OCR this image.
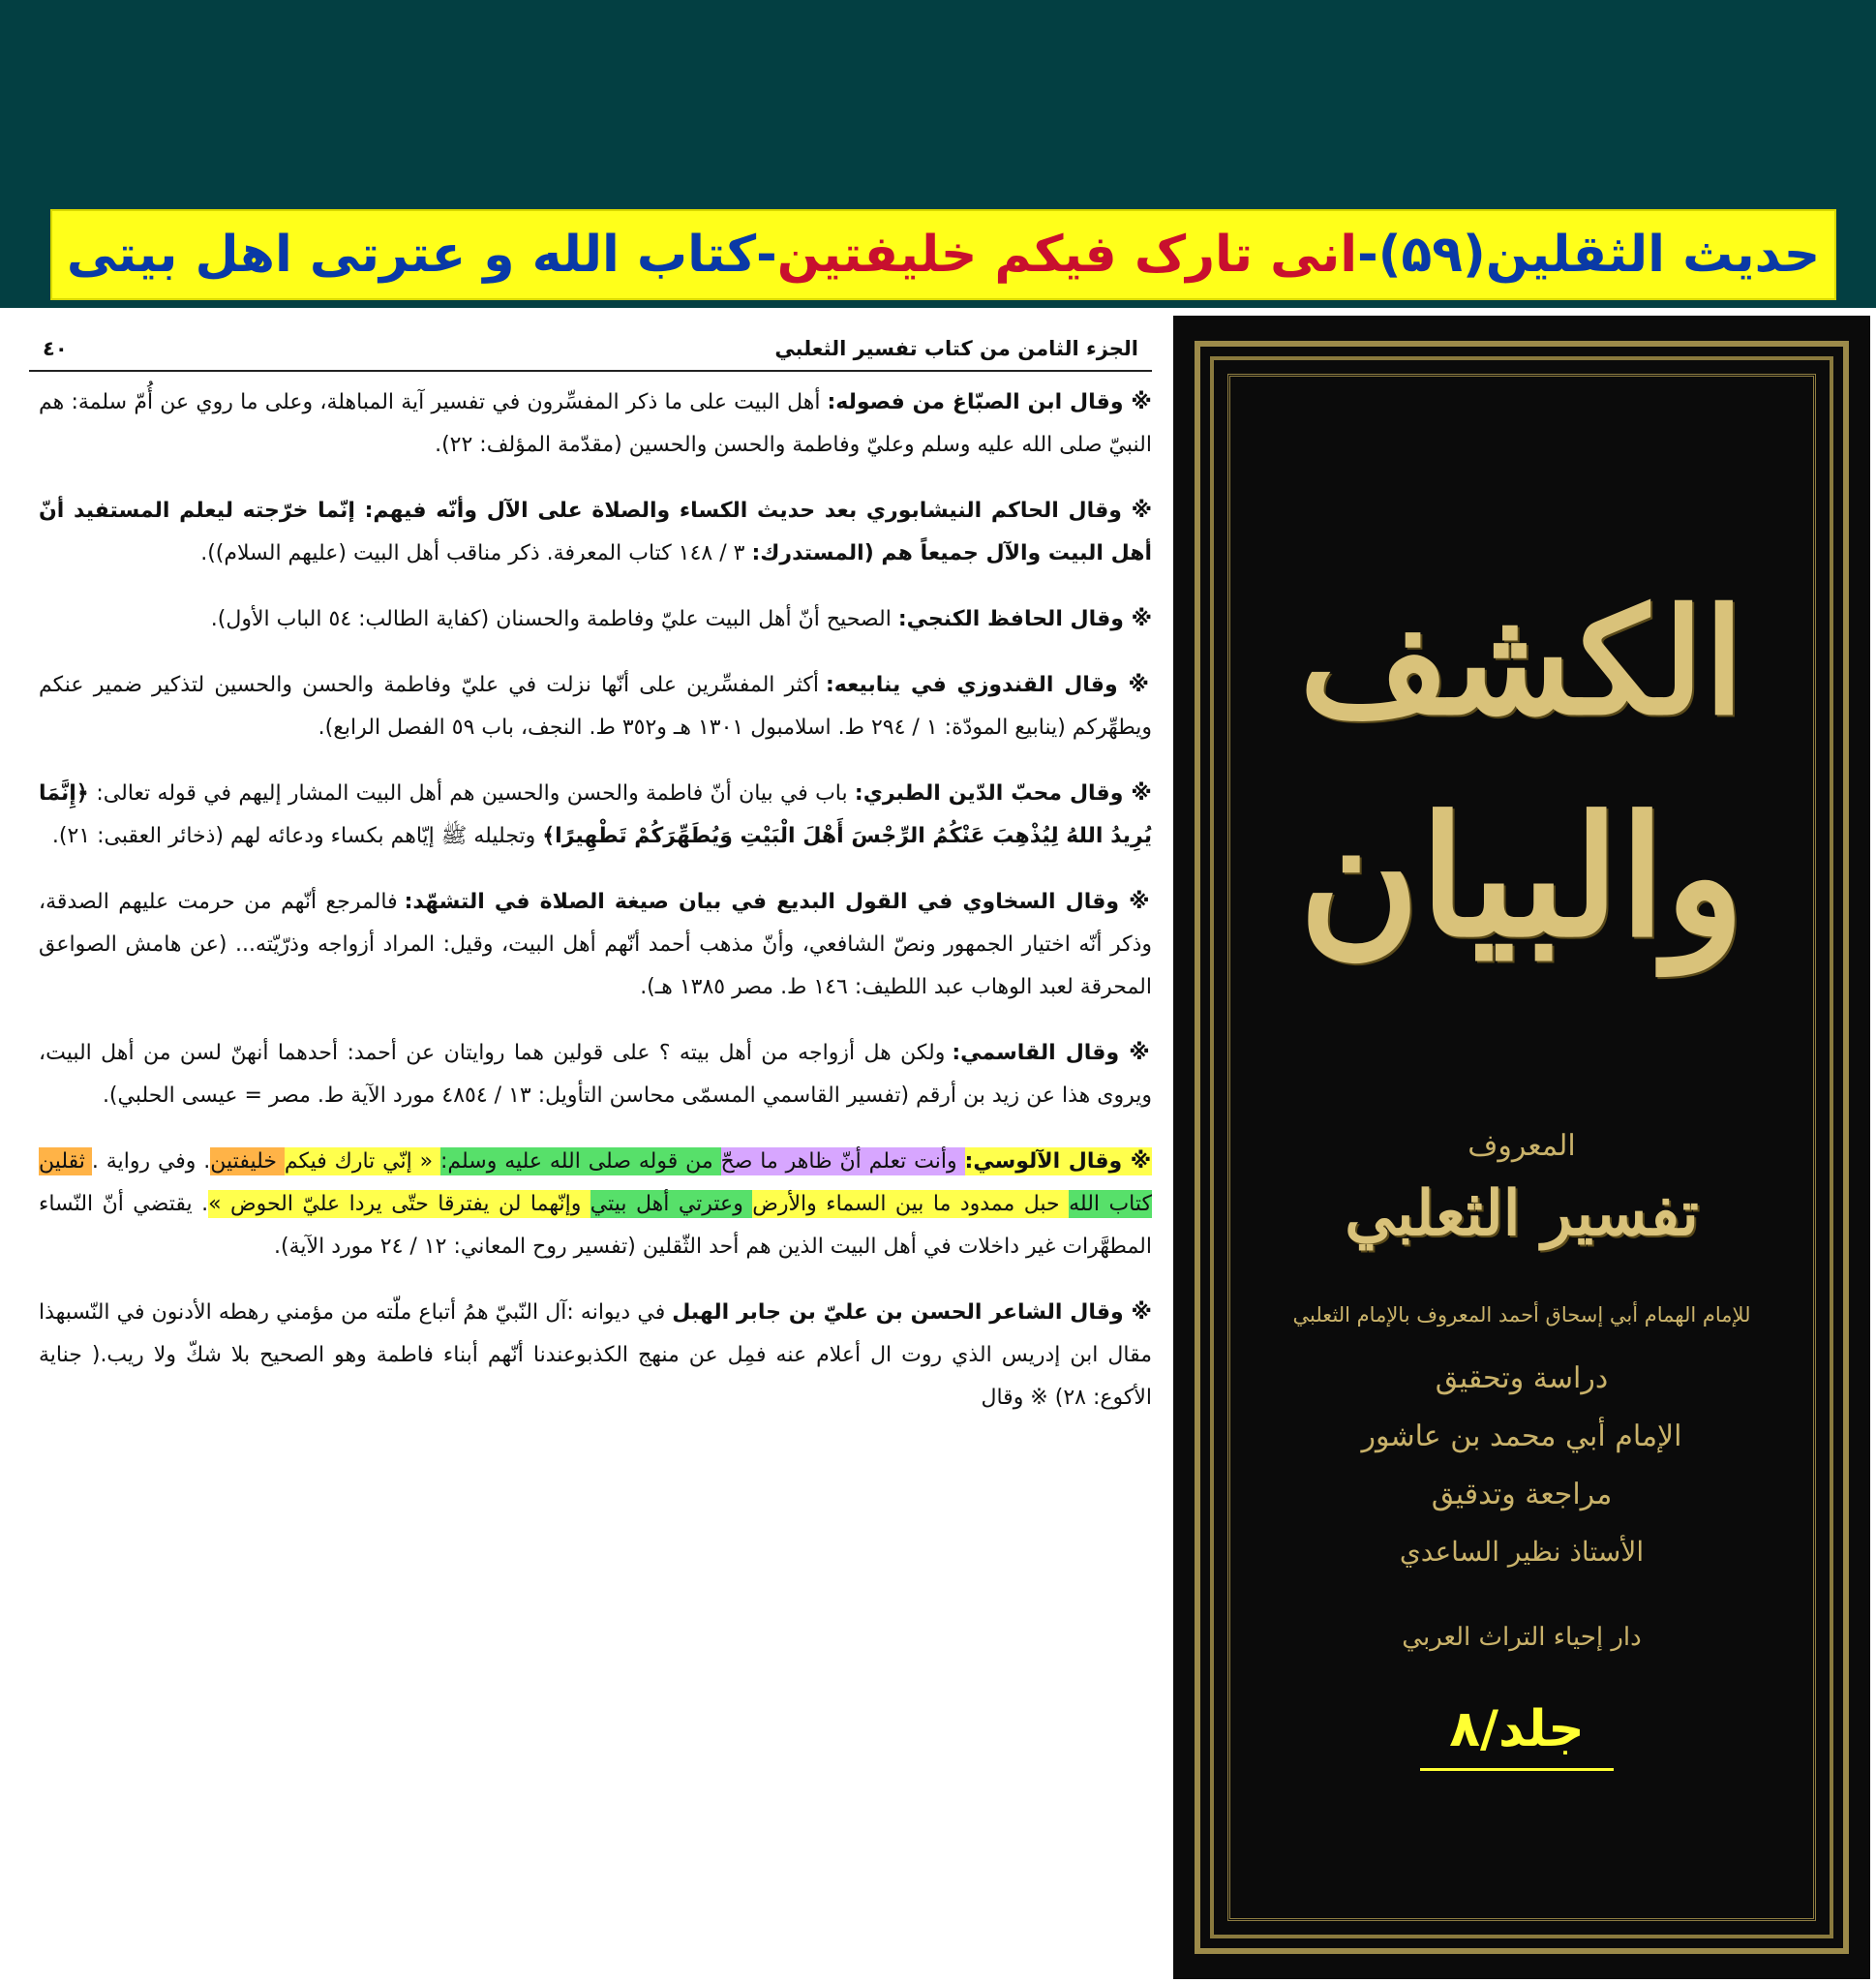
حديث الثقلين(۵۹)-
انی تارک فيکم خليفتين
-کتاب الله و عترتی اهل بيتی
الجزء الثامن من كتاب تفسير الثعلبي
٤٠

※ وقال ابن الصبّاغ من فصوله: أهل البيت على ما ذكر المفسِّرون في تفسير آية المباهلة، وعلى ما روي عن أُمّ سلمة: هم النبيّ صلى الله عليه وسلم وعليّ وفاطمة والحسن والحسين (مقدّمة المؤلف: ٢٢).

※ وقال الحاكم النيشابوري بعد حديث الكساء والصلاة على الآل وأنّه فيهم: إنّما خرّجته ليعلم المستفيد أنّ أهل البيت والآل جميعاً هم (المستدرك: ٣ / ١٤٨ كتاب المعرفة. ذكر مناقب أهل البيت (عليهم السلام)).

※ وقال الحافظ الكنجي: الصحيح أنّ أهل البيت عليّ وفاطمة والحسنان (كفاية الطالب: ٥٤ الباب الأول).

※ وقال القندوزي في ينابيعه: أكثر المفسِّرين على أنّها نزلت في عليّ وفاطمة والحسن والحسين لتذكير ضمير عنكم ويطهِّركم (ينابيع المودّة: ١ / ٢٩٤ ط. اسلامبول ١٣٠١ هـ و٣٥٢ ط. النجف، باب ٥٩ الفصل الرابع).

※ وقال محبّ الدّين الطبري: باب في بيان أنّ فاطمة والحسن والحسين هم أهل البيت المشار إليهم في قوله تعالى: ﴿إِنَّمَا يُرِيدُ اللهُ لِيُذْهِبَ عَنْكُمُ الرِّجْسَ أَهْلَ الْبَيْتِ وَيُطَهِّرَكُمْ تَطْهِيرًا﴾ وتجليله ﷺ إيّاهم بكساء ودعائه لهم (ذخائر العقبى: ٢١).

※ وقال السخاوي في القول البديع في بيان صيغة الصلاة في التشهّد: فالمرجع أنّهم من حرمت عليهم الصدقة، وذكر أنّه اختيار الجمهور ونصّ الشافعي، وأنّ مذهب أحمد أنّهم أهل البيت، وقيل: المراد أزواجه وذرّيّته... (عن هامش الصواعق المحرقة لعبد الوهاب عبد اللطيف: ١٤٦ ط. مصر ١٣٨٥ هـ).

※ وقال القاسمي: ولكن هل أزواجه من أهل بيته ؟ على قولين هما روايتان عن أحمد: أحدهما أنهنّ لسن من أهل البيت، ويروى هذا عن زيد بن أرقم (تفسير القاسمي المسمّى محاسن التأويل: ١٣ / ٤٨٥٤ مورد الآية ط. مصر = عيسى الحلبي).

※ وقال الآلوسي: وأنت تعلم أنّ ظاهر ما صحّ من قوله صلى الله عليه وسلم: « إنّي تارك فيكم خليفتين. وفي رواية . ثقلين كتاب الله حبل ممدود ما بين السماء والأرض وعترتي أهل بيتي وإنّهما لن يفترقا حتّى يردا عليّ الحوض ». يقتضي أنّ النّساء المطهَّرات غير داخلات في أهل البيت الذين هم أحد الثّقلين (تفسير روح المعاني: ١٢ / ٢٤ مورد الآية).

※ وقال الشاعر الحسن بن عليّ بن جابر الهبل في ديوانه :آل النّبيّ همُ أتباع ملّته من مؤمني رهطه الأدنون في النّسبهذا مقال ابن إدريس الذي روت ال أعلام عنه فمِل عن منهج الكذبوعندنا أنّهم أبناء فاطمة وهو الصحيح بلا شكّ ولا ريب.( جناية الأكوع: ٢٨) ※ وقال

الكشف
والبيان
المعروف
تفسير الثعلبي
للإمام الهمام أبي إسحاق أحمد المعروف بالإمام الثعلبي
دراسة وتحقيق
الإمام أبي محمد بن عاشور
مراجعة وتدقيق
الأستاذ نظير الساعدي
دار إحياء التراث العربي
جلد/۸
